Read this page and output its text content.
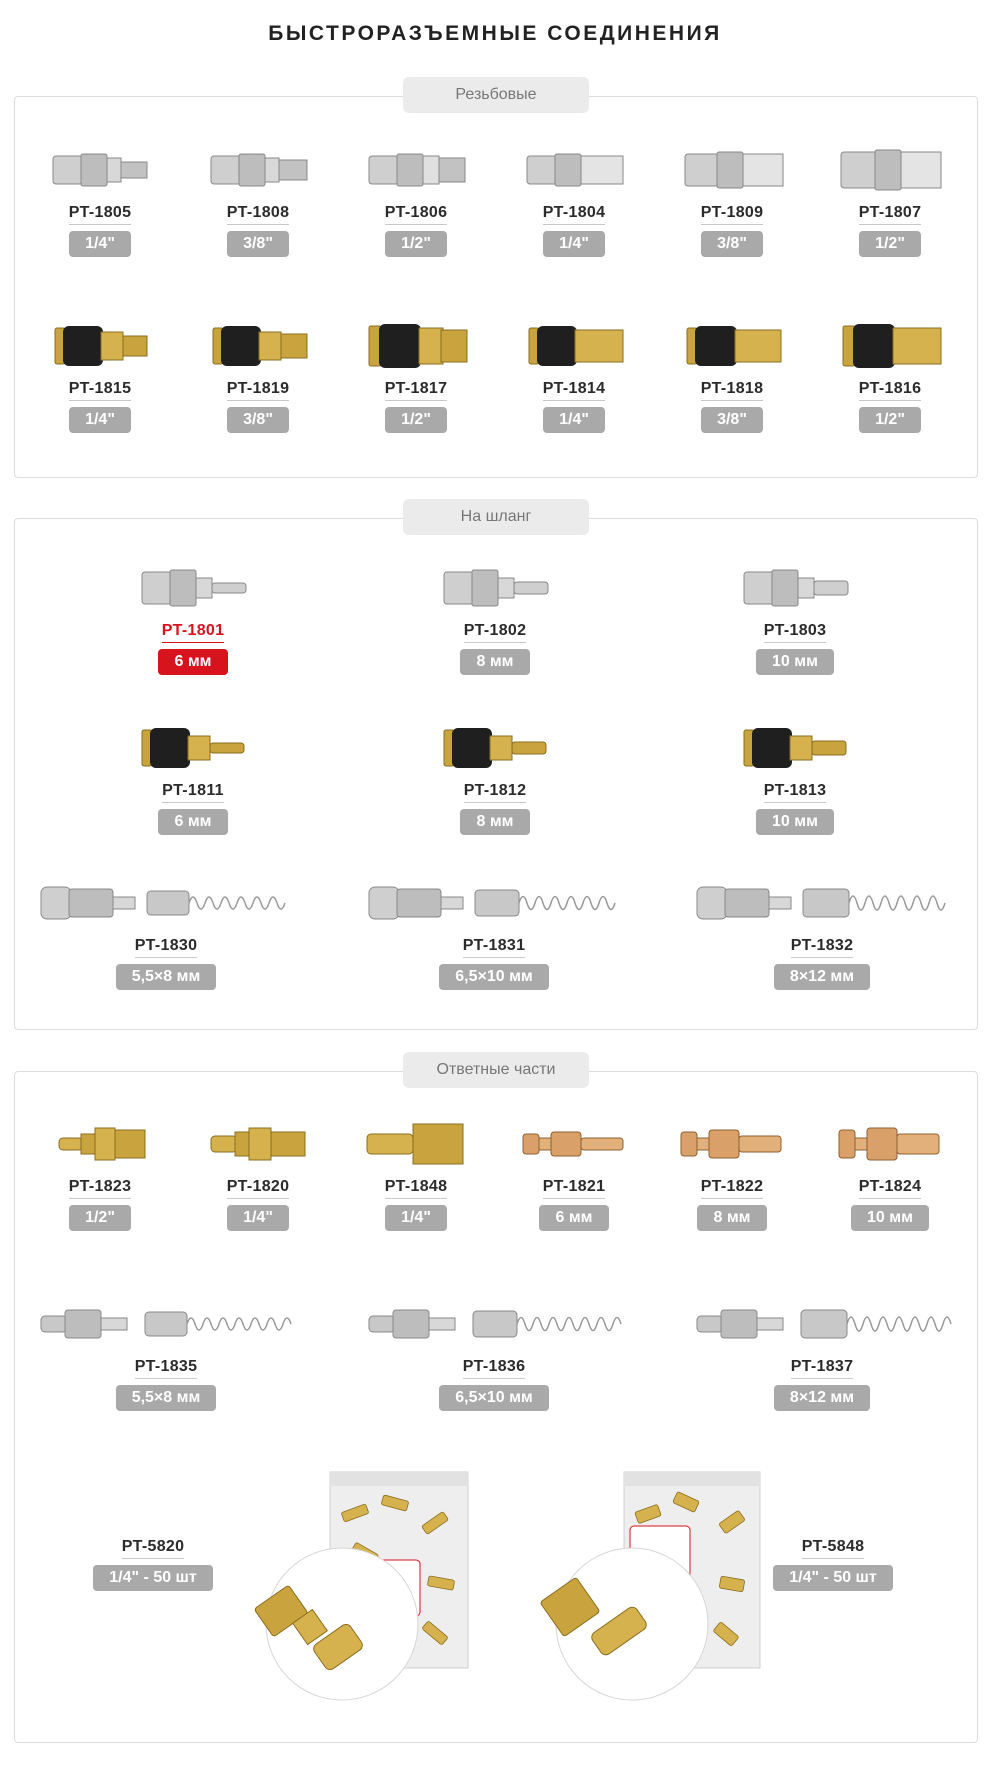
БЫСТРОРАЗЪЕМНЫЕ СОЕДИНЕНИЯ
Резьбовые
На шланг
Ответные части
PT-1805
1/4"
PT-1808
3/8"
PT-1806
1/2"
PT-1804
1/4"
PT-1809
3/8"
PT-1807
1/2"
PT-1815
1/4"
PT-1819
3/8"
PT-1817
1/2"
PT-1814
1/4"
PT-1818
3/8"
PT-1816
1/2"
PT-1801
6 мм
PT-1802
8 мм
PT-1803
10 мм
PT-1811
6 мм
PT-1812
8 мм
PT-1813
10 мм
PT-1830
5,5×8 мм
PT-1831
6,5×10 мм
PT-1832
8×12 мм
PT-1823
1/2"
PT-1820
1/4"
PT-1848
1/4"
PT-1821
6 мм
PT-1822
8 мм
PT-1824
10 мм
PT-1835
5,5×8 мм
PT-1836
6,5×10 мм
PT-1837
8×12 мм
PT-5820
1/4" - 50 шт
PT-5848
1/4" - 50 шт
